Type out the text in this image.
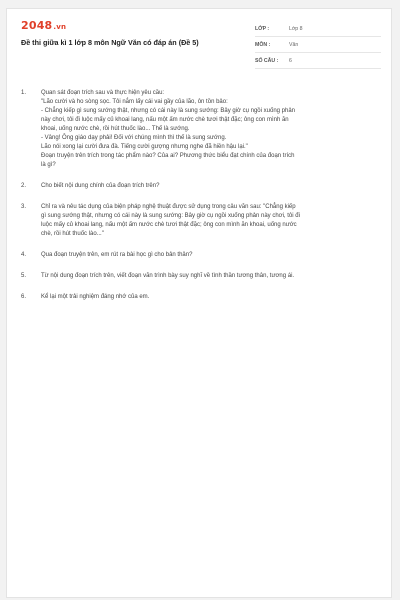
2048.vn
Đề thi giữa kì 1 lớp 8 môn Ngữ Văn có đáp án (Đề 5)
LỚP :	Lớp 8
MÔN :	Văn
SỐ CÂU :	6
1.	Quan sát đoạn trích sau và thực hiện yêu cầu:

"Lão cười và ho sòng sọc. Tôi nắm lấy cái vai gầy của lão, ôn tồn bảo:

- Chẳng kiếp gì sung sướng thật, nhưng có cái này là sung sướng: Bây giờ cụ ngồi xuống phản

này chơi, tôi đi luộc mấy củ khoai lang, nấu một ấm nước chè tươi thật đặc; ông con mình ăn

khoai, uống nước chè, rồi hút thuốc lào... Thế là sướng.

- Vâng! Ông giáo dạy phải! Đối với chúng mình thì thế là sung sướng.

Lão nói xong lại cười đưa đà. Tiếng cười gượng nhưng nghe đã hiền hậu lại."

Đoạn truyện trên trích trong tác phẩm nào? Của ai? Phương thức biểu đạt chính của đoạn trích

là gì?

2.	Cho biết nội dung chính của đoạn trích trên?

3.	Chỉ ra và nêu tác dụng của biện pháp nghệ thuật được sử dụng trong câu văn sau: "Chẳng kiếp

gì sung sướng thật, nhưng có cái này là sung sướng: Bây giờ cụ ngồi xuống phản này chơi, tôi đi

luộc mấy củ khoai lang, nấu một ấm nước chè tươi thật đặc; ông con mình ăn khoai, uống nước

chè, rồi hút thuốc lào..."

4.	Qua đoạn truyện trên, em rút ra bài học gì cho bản thân?

5.	Từ nội dung đoạn trích trên, viết đoạn văn trình bày suy nghĩ về tình thần tương thân, tương ái.

6.	Kể lại một trải nghiệm đáng nhớ của em.
